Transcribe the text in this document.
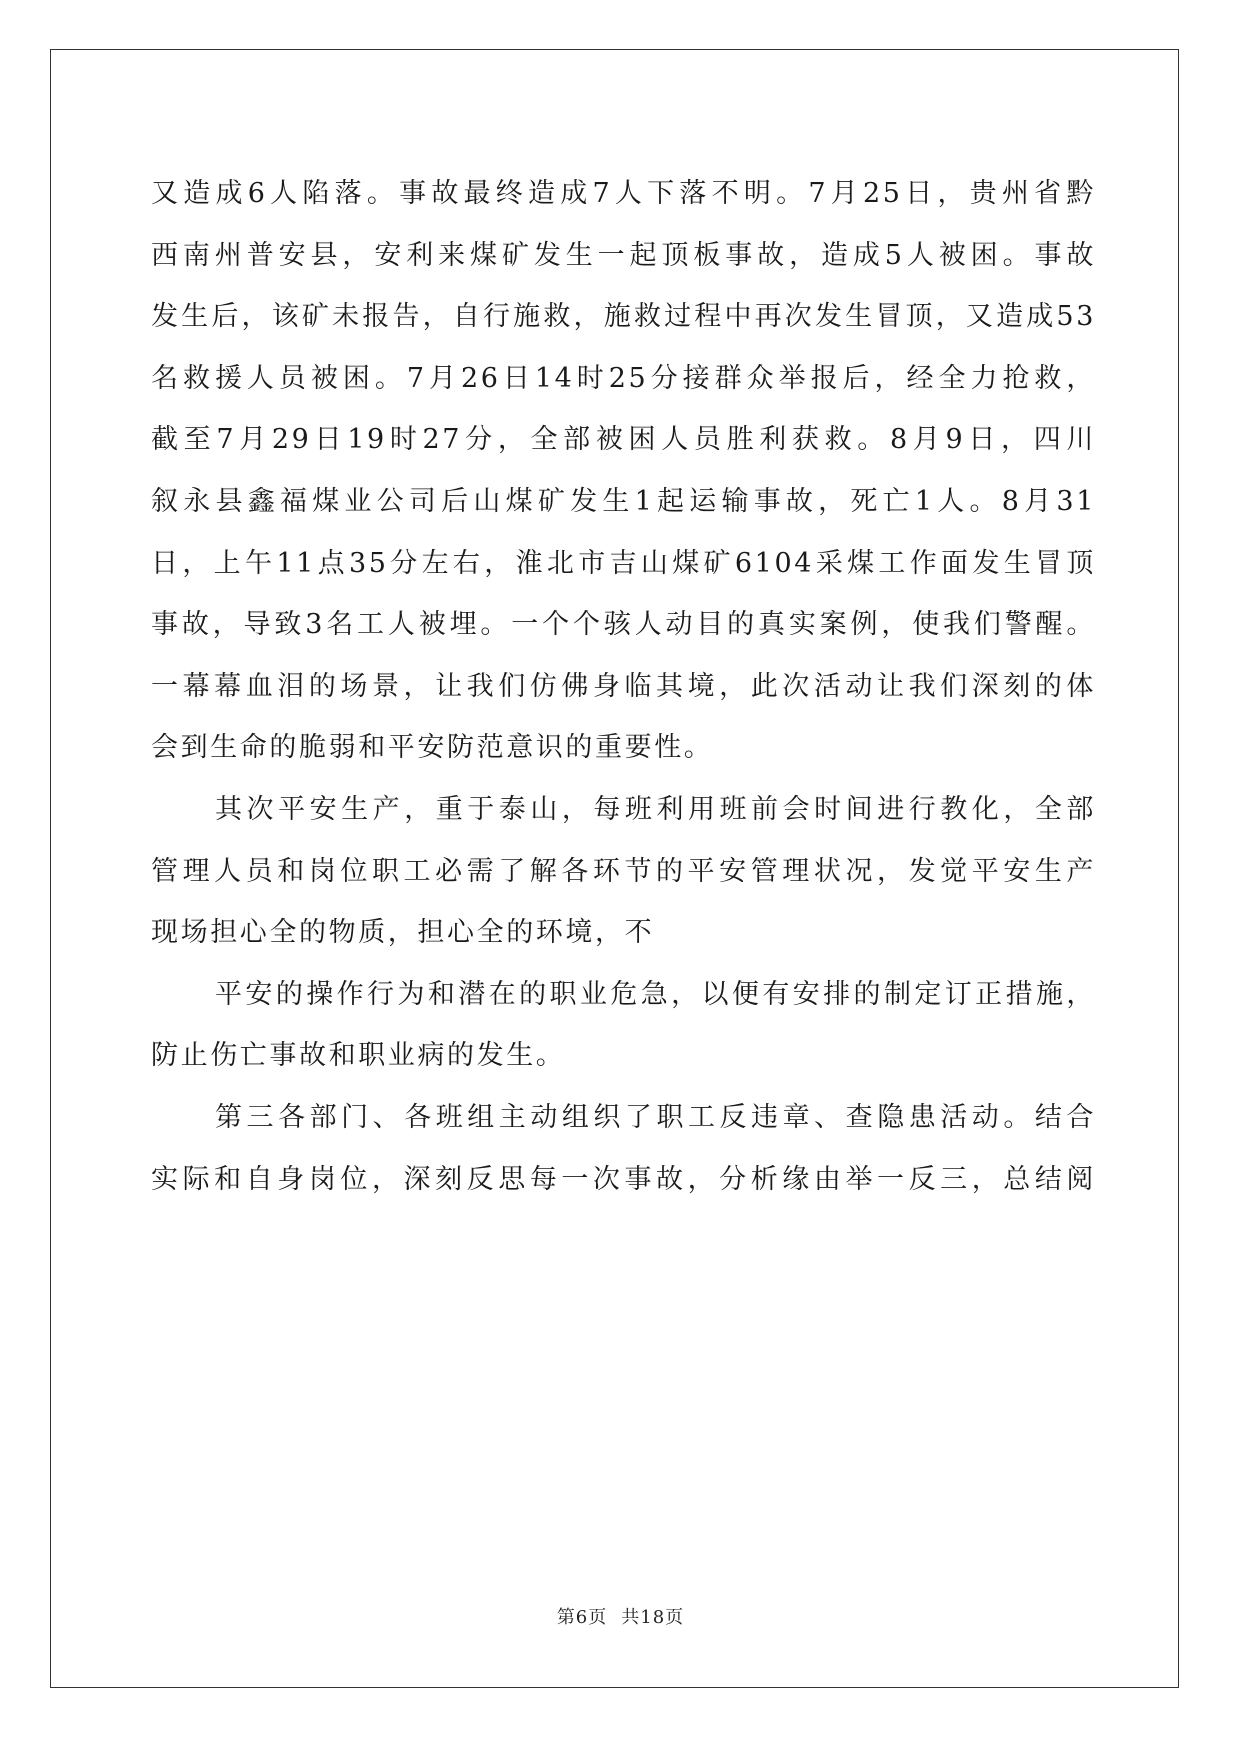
又造成6人陷落。事故最终造成7人下落不明。7月25日，贵州省黔
西南州普安县，安利来煤矿发生一起顶板事故，造成5人被困。事故
发生后，该矿未报告，自行施救，施救过程中再次发生冒顶，又造成53
名救援人员被困。7月26日14时25分接群众举报后，经全力抢救，
截至7月29日19时27分，全部被困人员胜利获救。8月9日，四川
叙永县鑫福煤业公司后山煤矿发生1起运输事故，死亡1人。8月31
日，上午11点35分左右，淮北市吉山煤矿6104采煤工作面发生冒顶
事故，导致3名工人被埋。一个个骇人动目的真实案例，使我们警醒。
一幕幕血泪的场景，让我们仿佛身临其境，此次活动让我们深刻的体
会到生命的脆弱和平安防范意识的重要性。
其次平安生产，重于泰山，每班利用班前会时间进行教化，全部
管理人员和岗位职工必需了解各环节的平安管理状况，发觉平安生产
现场担心全的物质，担心全的环境，不
平安的操作行为和潜在的职业危急，以便有安排的制定订正措施，
防止伤亡事故和职业病的发生。
第三各部门、各班组主动组织了职工反违章、查隐患活动。结合
实际和自身岗位，深刻反思每一次事故，分析缘由举一反三，总结阅
第6页 共18页
